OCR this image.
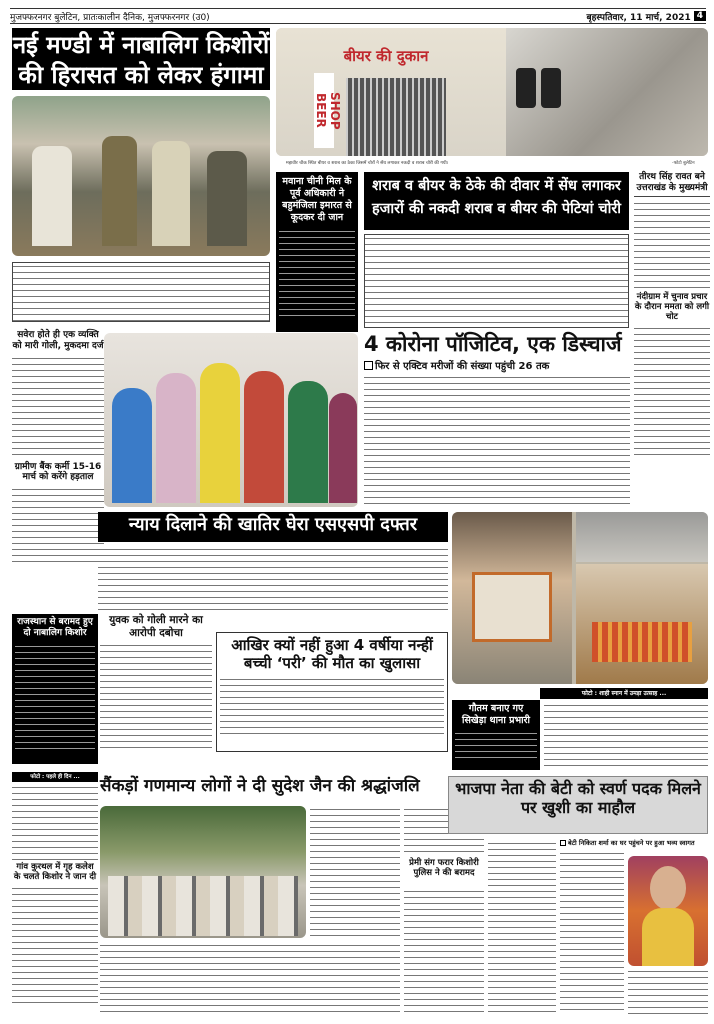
मुजफ्फरनगर बुलेटिन, प्रातःकालीन दैनिक, मुजफ्फरनगर (उ0)	बृहस्पतिवार, 11 मार्च, 2021 4
नई मण्डी में नाबालिग किशोरों की हिरासत को लेकर हंगामा
बीयर की दुकान
BEER SHOP
महावीर चौक स्थित बीयर व शराब का ठेका जिसमें चोरों ने सेंध लगाकर नकदी व शराब चोरी की गयी।	-फोटो बुलेटिन
मवाना चीनी मिल के पूर्व अधिकारी ने बहुमंजिला इमारत से कूदकर दी जान
शराब व बीयर के ठेके की दीवार में सेंध लगाकर हजारों की नकदी शराब व बीयर की पेटियां चोरी
तीरथ सिंह रावत बने उत्तराखंड के मुख्यमंत्री
नंदीग्राम में चुनाव प्रचार के दौरान ममता को लगी चोट
सवेरा होते ही एक व्यक्ति को मारी गोली, मुकदमा दर्ज
ग्रामीण बैंक कर्मी 15-16 मार्च को करेंगे हड़ताल
4 कोरोना पॉजिटिव, एक डिस्चार्ज
फिर से एक्टिव मरीजों की संख्या पहुंची 26 तक
न्याय दिलाने की खातिर घेरा एसएसपी दफ्तर
फोटो : शाही स्नान में उमड़ा उत्साह ...
राजस्थान से बरामद हुए दो नाबालिग किशोर
युवक को गोली मारने का आरोपी दबोचा
आखिर क्यों नहीं हुआ 4 वर्षीया नन्हीं बच्ची ‘परी’ की मौत का खुलासा
गौतम बनाए गए सिखेड़ा थाना प्रभारी
फोटो : पहले ही दिन ...
गांव कुरथल में गृह कलेश के चलते किशोर ने जान दी
सैंकड़ों गणमान्य लोगों ने दी सुदेश जैन की श्रद्धांजलि
प्रेमी संग फरार किशोरी पुलिस ने की बरामद
भाजपा नेता की बेटी को स्वर्ण पदक मिलने पर खुशी का माहौल
बेटी निकिता शर्मा का घर पहुंचने पर हुआ भव्य स्वागत
